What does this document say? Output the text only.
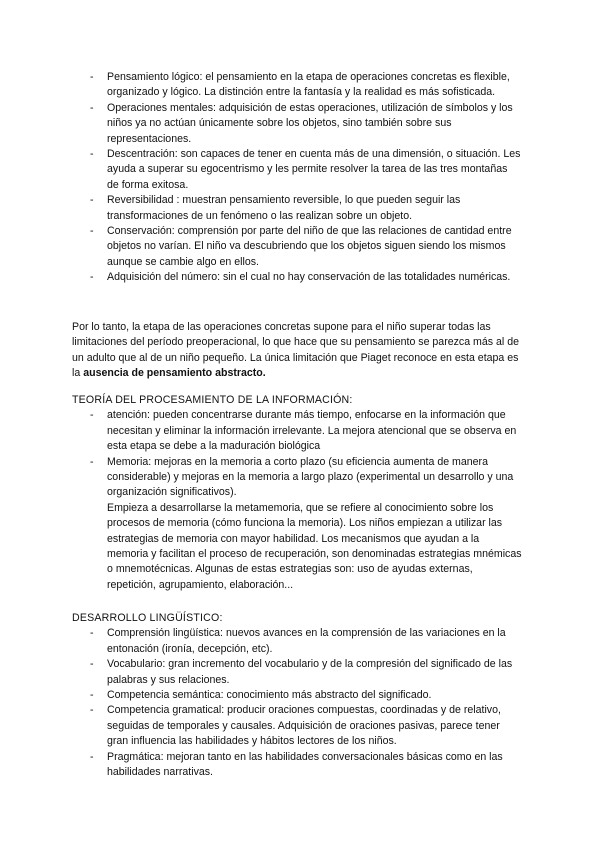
- Pensamiento lógico: el pensamiento en la etapa de operaciones concretas es flexible, organizado y lógico. La distinción entre la fantasía y la realidad es más sofisticada.
- Operaciones mentales: adquisición de estas operaciones, utilización de símbolos y los niños ya no actúan únicamente sobre los objetos, sino también sobre sus representaciones.
- Descentración: son capaces de tener en cuenta más de una dimensión, o situación. Les ayuda a superar su egocentrismo y les permite resolver la tarea de las tres montañas de forma exitosa.
- Reversibilidad : muestran pensamiento reversible, lo que pueden seguir las transformaciones de un fenómeno o las realizan sobre un objeto.
- Conservación: comprensión por parte del niño de que las relaciones de cantidad entre objetos no varían. El niño va descubriendo que los objetos siguen siendo los mismos aunque se cambie algo en ellos.
- Adquisición del número: sin el cual no hay conservación de las totalidades numéricas.

Por lo tanto, la etapa de las operaciones concretas supone para el niño superar todas las limitaciones del período preoperacional, lo que hace que su pensamiento se parezca más al de un adulto que al de un niño pequeño. La única limitación que Piaget reconoce en esta etapa es la ausencia de pensamiento abstracto.

TEORÍA DEL PROCESAMIENTO DE LA INFORMACIÓN:

- atención: pueden concentrarse durante más tiempo, enfocarse en la información que necesitan y eliminar la información irrelevante. La mejora atencional que se observa en esta etapa se debe a la maduración biológica
- Memoria: mejoras en la memoria a corto plazo (su eficiencia aumenta de manera considerable) y mejoras en la memoria a largo plazo (experimental un desarrollo y una organización significativos).
Empieza a desarrollarse la metamemoria, que se refiere al conocimiento sobre los procesos de memoria (cómo funciona la memoria). Los niños empiezan a utilizar las estrategias de memoria con mayor habilidad. Los mecanismos que ayudan a la memoria y facilitan el proceso de recuperación, son denominadas estrategias mnémicas o mnemotécnicas. Algunas de estas estrategias son: uso de ayudas externas, repetición, agrupamiento, elaboración...

DESARROLLO LINGÜÍSTICO:

- Comprensión lingüística: nuevos avances en la comprensión de las variaciones en la entonación (ironía, decepción, etc).
- Vocabulario: gran incremento del vocabulario y de la compresión del significado de las palabras y sus relaciones.
- Competencia semántica: conocimiento más abstracto del significado.
- Competencia gramatical: producir oraciones compuestas, coordinadas y de relativo, seguidas de temporales y causales. Adquisición de oraciones pasivas, parece tener gran influencia las habilidades y hábitos lectores de los niños.
- Pragmática: mejoran tanto en las habilidades conversacionales básicas como en las habilidades narrativas.
